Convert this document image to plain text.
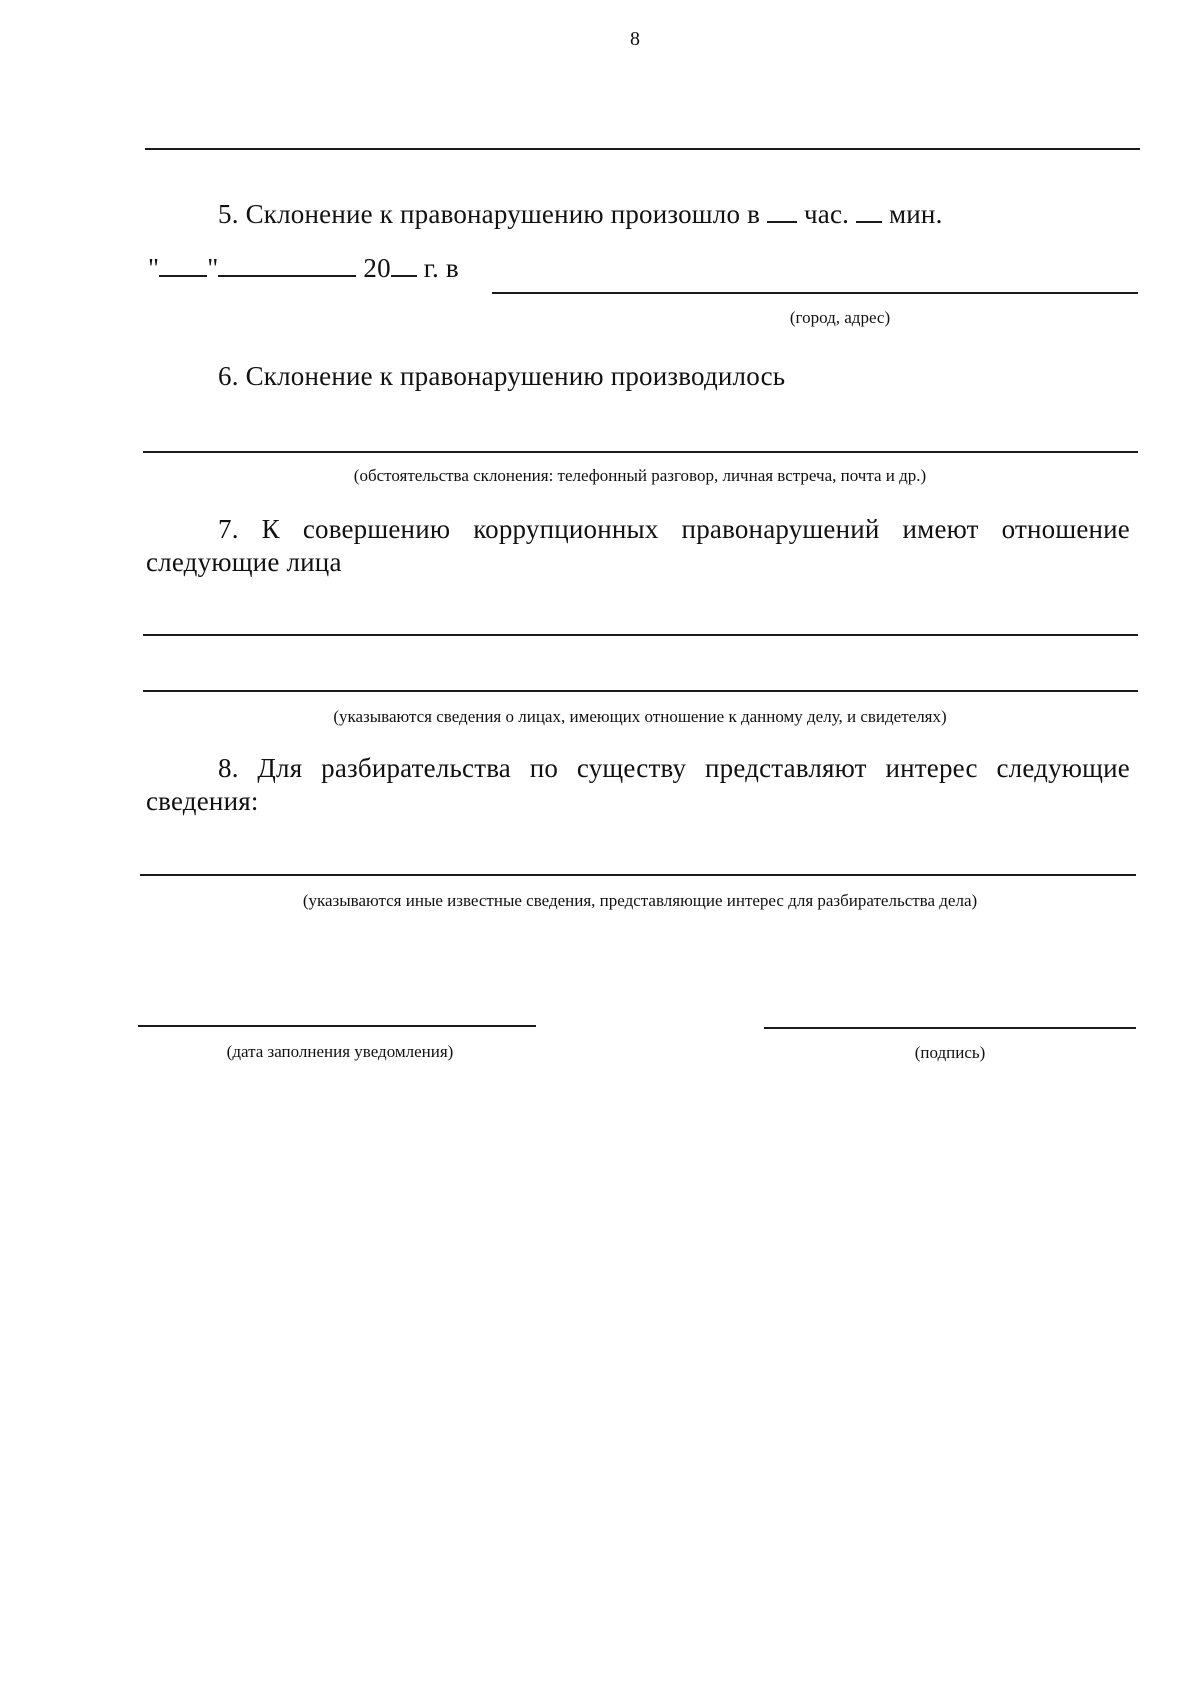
8
5. Склонение к правонарушению произошло в час. мин.
" "	20 г. в
(город, адрес)
6. Склонение к правонарушению производилось
(обстоятельства склонения: телефонный разговор, личная встреча, почта и др.)
7. К совершению коррупционных правонарушений имеют отношение
следующие лица
(указываются сведения о лицах, имеющих отношение к данному делу, и свидетелях)
8. Для разбирательства по существу представляют интерес следующие
сведения:
(указываются иные известные сведения, представляющие интерес для разбирательства дела)
(дата заполнения уведомления)	(подпись)
